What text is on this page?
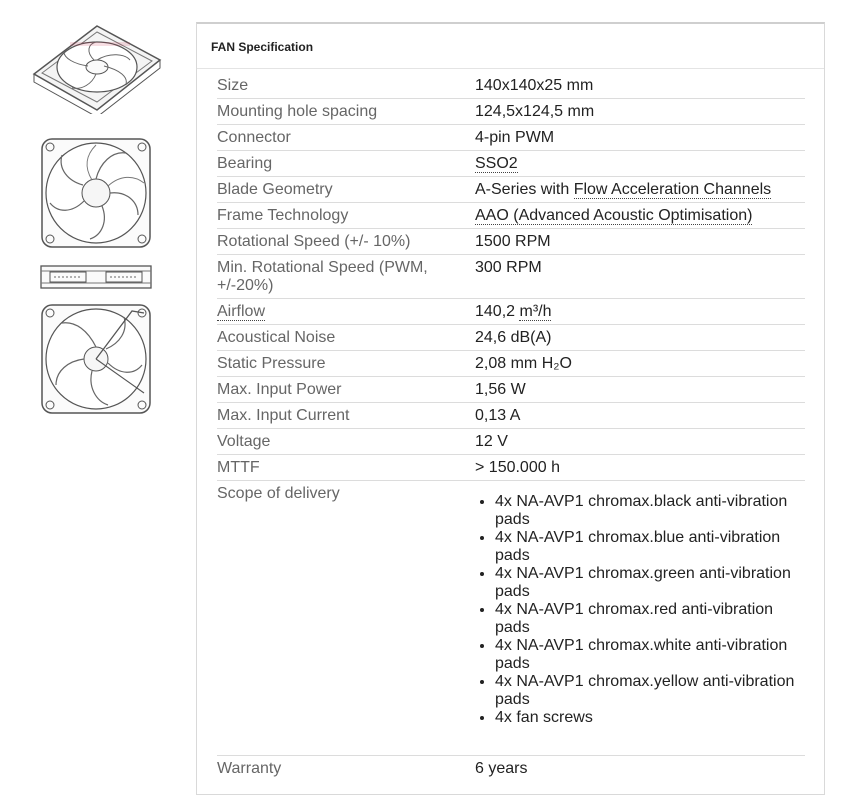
FAN Specification
Size	140x140x25 mm
Mounting hole spacing	124,5x124,5 mm
Connector	4-pin PWM
Bearing	SSO2
Blade Geometry	A-Series with Flow Acceleration Channels
Frame Technology	AAO (Advanced Acoustic Optimisation)
Rotational Speed (+/- 10%)	1500 RPM
Min. Rotational Speed (PWM, +/-20%)
300 RPM
Airflow	140,2 m³/h
Acoustical Noise	24,6 dB(A)
Static Pressure	2,08 mm H₂O
Max. Input Power	1,56 W
Max. Input Current	0,13 A
Voltage	12 V
MTTF	> 150.000 h
Scope of delivery
•	4x NA-AVP1 chromax.black anti-vibration pads
• 4x NA-AVP1 chromax.blue anti-vibration pads
• 4x NA-AVP1 chromax.green anti-vibration pads
• 4x NA-AVP1 chromax.red anti-vibration pads
• 4x NA-AVP1 chromax.white anti-vibration pads
• 4x NA-AVP1 chromax.yellow anti-vibration pads
• 4x fan screws
Warranty	6 years
